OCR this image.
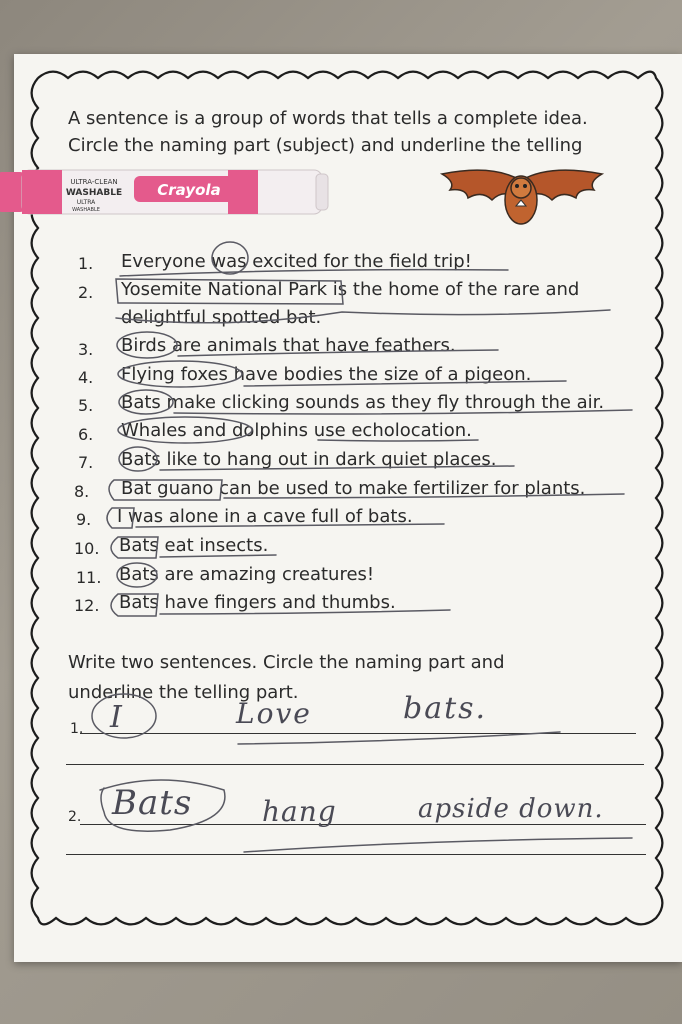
A sentence is a group of words that tells a complete idea.
Circle the naming part (subject) and underline the telling
1. Everyone was excited for the field trip!
2. Yosemite National Park is the home of the rare and
delightful spotted bat.
3. Birds are animals that have feathers.
4. Flying foxes have bodies the size of a pigeon.
5. Bats make clicking sounds as they fly through the air.
6. Whales and dolphins use echolocation.
7. Bats like to hang out in dark quiet places.
8. Bat guano can be used to make fertilizer for plants.
9. I was alone in a cave full of bats.
10. Bats eat insects.
11. Bats are amazing creatures!
12. Bats have fingers and thumbs.
Write two sentences. Circle the naming part and
underline the telling part.
1.
2.
I	Love	bats.
Bats hang	apside down.
Crayola
ULTRA-CLEAN
WASHABLE
ULTRA
WASHABLE
